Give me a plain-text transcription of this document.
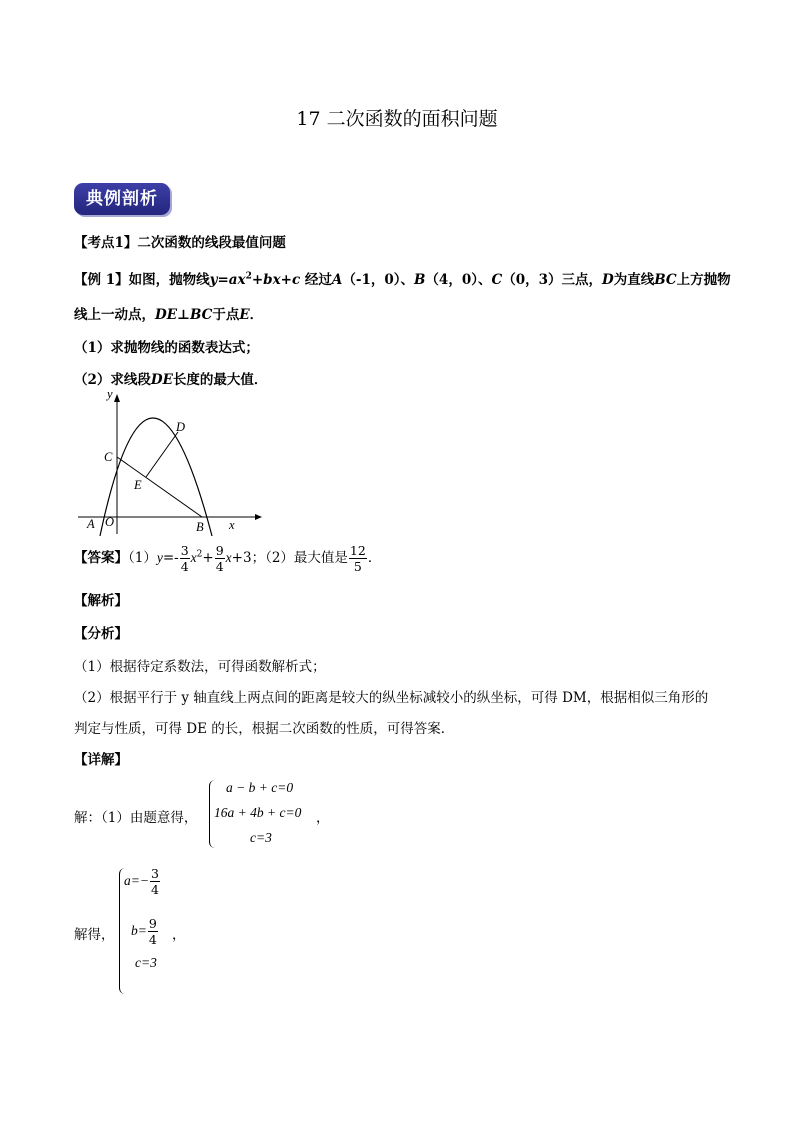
17 二次函数的面积问题
典例剖析
【考点1】二次函数的线段最值问题
【例 1】如图，抛物线$y=ax^2+bx+c$ 经过A（-1，0）、B（4，0）、C（0，3）三点，D为直线BC上方抛物
线上一动点，DE⊥BC于点E．
（1）求抛物线的函数表达式；
（2）求线段DE长度的最大值．
y
x
O
A	B
C
D
E
【答案】$(1)y=- \frac{3}{4} x^2+ \frac{9}{4} x+3$；（2）最大值是 $\frac{12}{5}$ ．
【解析】
【分析】
（1）根据待定系数法，可得函数解析式；
（2）根据平行于 y 轴直线上两点间的距离是较大的纵坐标减较小的纵坐标，可得 DM，根据相似三角形的
判定与性质，可得 DE 的长，根据二次函数的性质，可得答案．
【详解】
解：（1）由题意得，
a − b + c=0
16a + 4b + c=0
c=3
，
解得，
$a=- \frac{3}{4}$
$b= \frac{9}{4}$
c=3
，
